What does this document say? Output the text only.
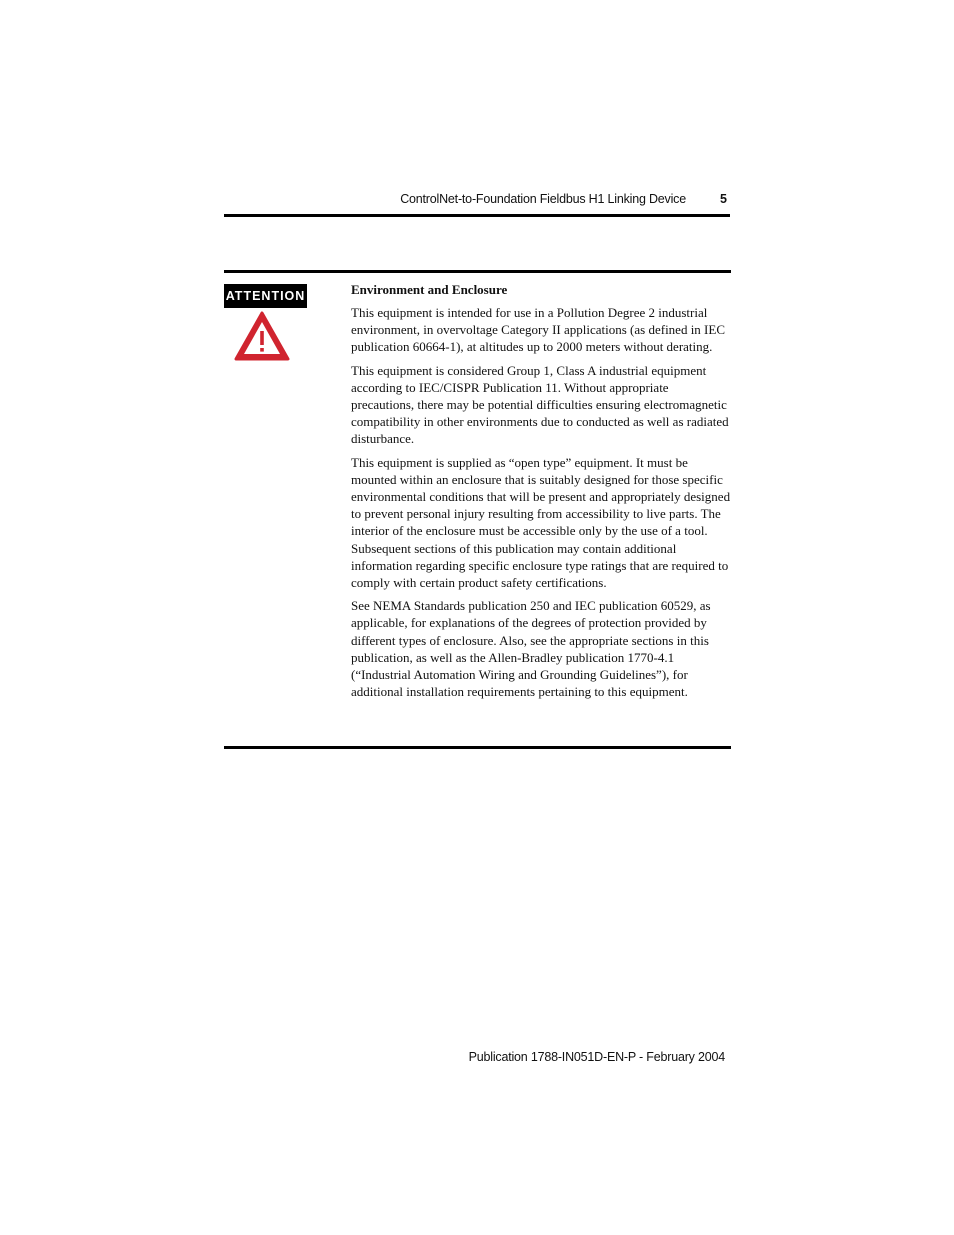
ControlNet-to-Foundation Fieldbus H1 Linking Device	5
ATTENTION	Environment and Enclosure

This equipment is intended for use in a Pollution Degree 2 industrial environment, in overvoltage Category II applications (as defined in IEC publication 60664-1), at altitudes up to 2000 meters without derating.

This equipment is considered Group 1, Class A industrial equipment according to IEC/CISPR Publication 11. Without appropriate precautions, there may be potential difficulties ensuring electromagnetic compatibility in other environments due to conducted as well as radiated disturbance.

This equipment is supplied as “open type” equipment. It must be mounted within an enclosure that is suitably designed for those specific environmental conditions that will be present and appropriately designed to prevent personal injury resulting from accessibility to live parts. The interior of the enclosure must be accessible only by the use of a tool. Subsequent sections of this publication may contain additional information regarding specific enclosure type ratings that are required to comply with certain product safety certifications.

See NEMA Standards publication 250 and IEC publication 60529, as applicable, for explanations of the degrees of protection provided by different types of enclosure. Also, see the appropriate sections in this publication, as well as the Allen-Bradley publication 1770-4.1 (“Industrial Automation Wiring and Grounding Guidelines”), for additional installation requirements pertaining to this equipment.

Publication 1788-IN051D-EN-P - February 2004
